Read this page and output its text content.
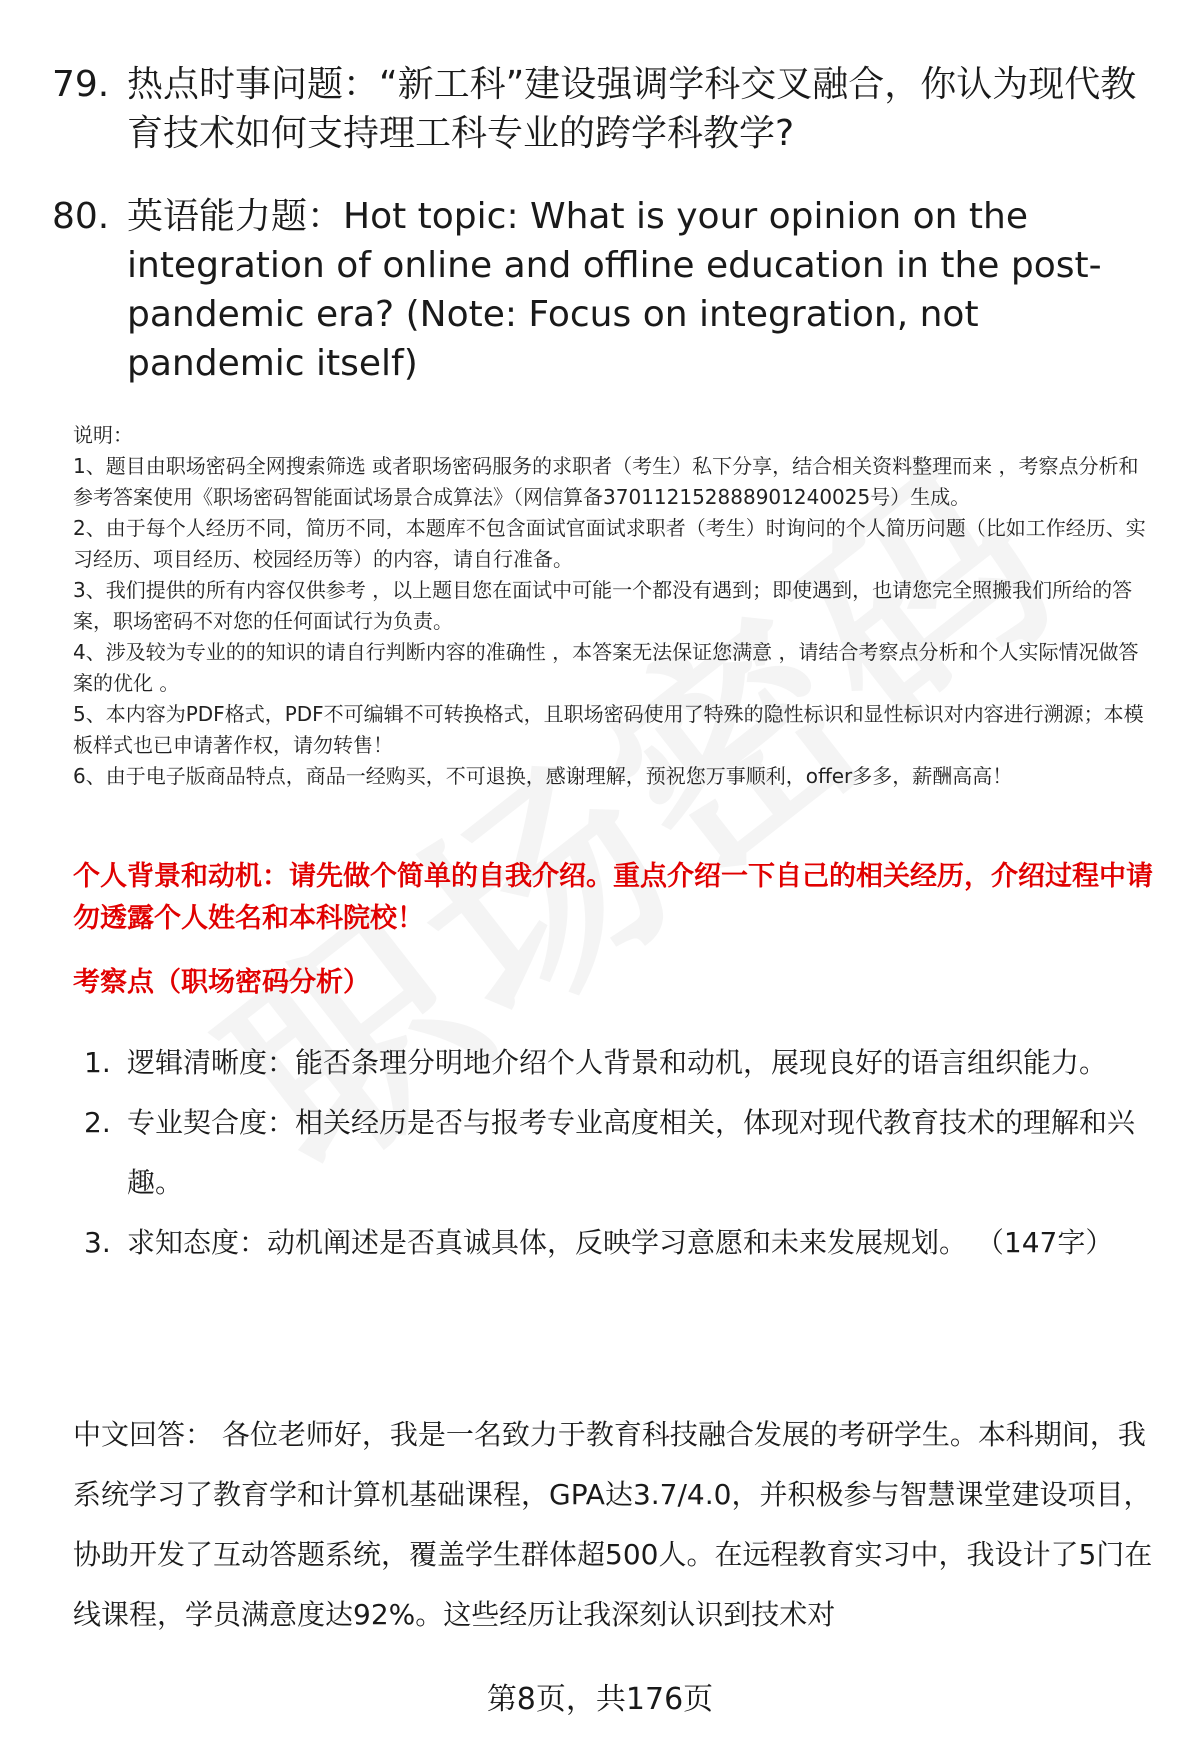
79. 热点时事问题：“新工科”建设强调学科交叉融合，你认为现代教育技术如何支持理工科专业的跨学科教学?
80. 英语能力题：Hot topic: What is your opinion on the integration of online and offline education in the post-pandemic era? (Note: Focus on integration, not pandemic itself)

说明：

1、题目由职场密码全网搜索筛选 或者职场密码服务的求职者（考生）私下分享，结合相关资料整理而来 ，考察点分析和参考答案使用《职场密码智能面试场景合成算法》（网信算备370112152888901240025号）生成。

2、由于每个人经历不同，简历不同，本题库不包含面试官面试求职者（考生）时询问的个人简历问题（比如工作经历、实习经历、项目经历、校园经历等）的内容，请自行准备。

3、我们提供的所有内容仅供参考 ，以上题目您在面试中可能一个都没有遇到；即使遇到，也请您完全照搬我们所给的答案，职场密码不对您的任何面试行为负责。

4、涉及较为专业的的知识的请自行判断内容的准确性 ，本答案无法保证您满意 ，请结合考察点分析和个人实际情况做答案的优化 。

5、本内容为PDF格式，PDF不可编辑不可转换格式，且职场密码使用了特殊的隐性标识和显性标识对内容进行溯源；本模板样式也已申请著作权，请勿转售！

6、由于电子版商品特点，商品一经购买，不可退换，感谢理解，预祝您万事顺利，offer多多，薪酬高高！

个人背景和动机：请先做个简单的自我介绍。重点介绍一下自己的相关经历，介绍过程中请勿透露个人姓名和本科院校！
考察点（职场密码分析）
1. 逻辑清晰度：能否条理分明地介绍个人背景和动机，展现良好的语言组织能力。
2. 专业契合度：相关经历是否与报考专业高度相关，体现对现代教育技术的理解和兴趣。
3. 求知态度：动机阐述是否真诚具体，反映学习意愿和未来发展规划。 （147字）
中文回答： 各位老师好，我是一名致力于教育科技融合发展的考研学生。本科期间，我系统学习了教育学和计算机基础课程，GPA达3.7/4.0，并积极参与智慧课堂建设项目，协助开发了互动答题系统，覆盖学生群体超500人。在远程教育实习中，我设计了5门在线课程，学员满意度达92%。这些经历让我深刻认识到技术对
第8页，共176页
